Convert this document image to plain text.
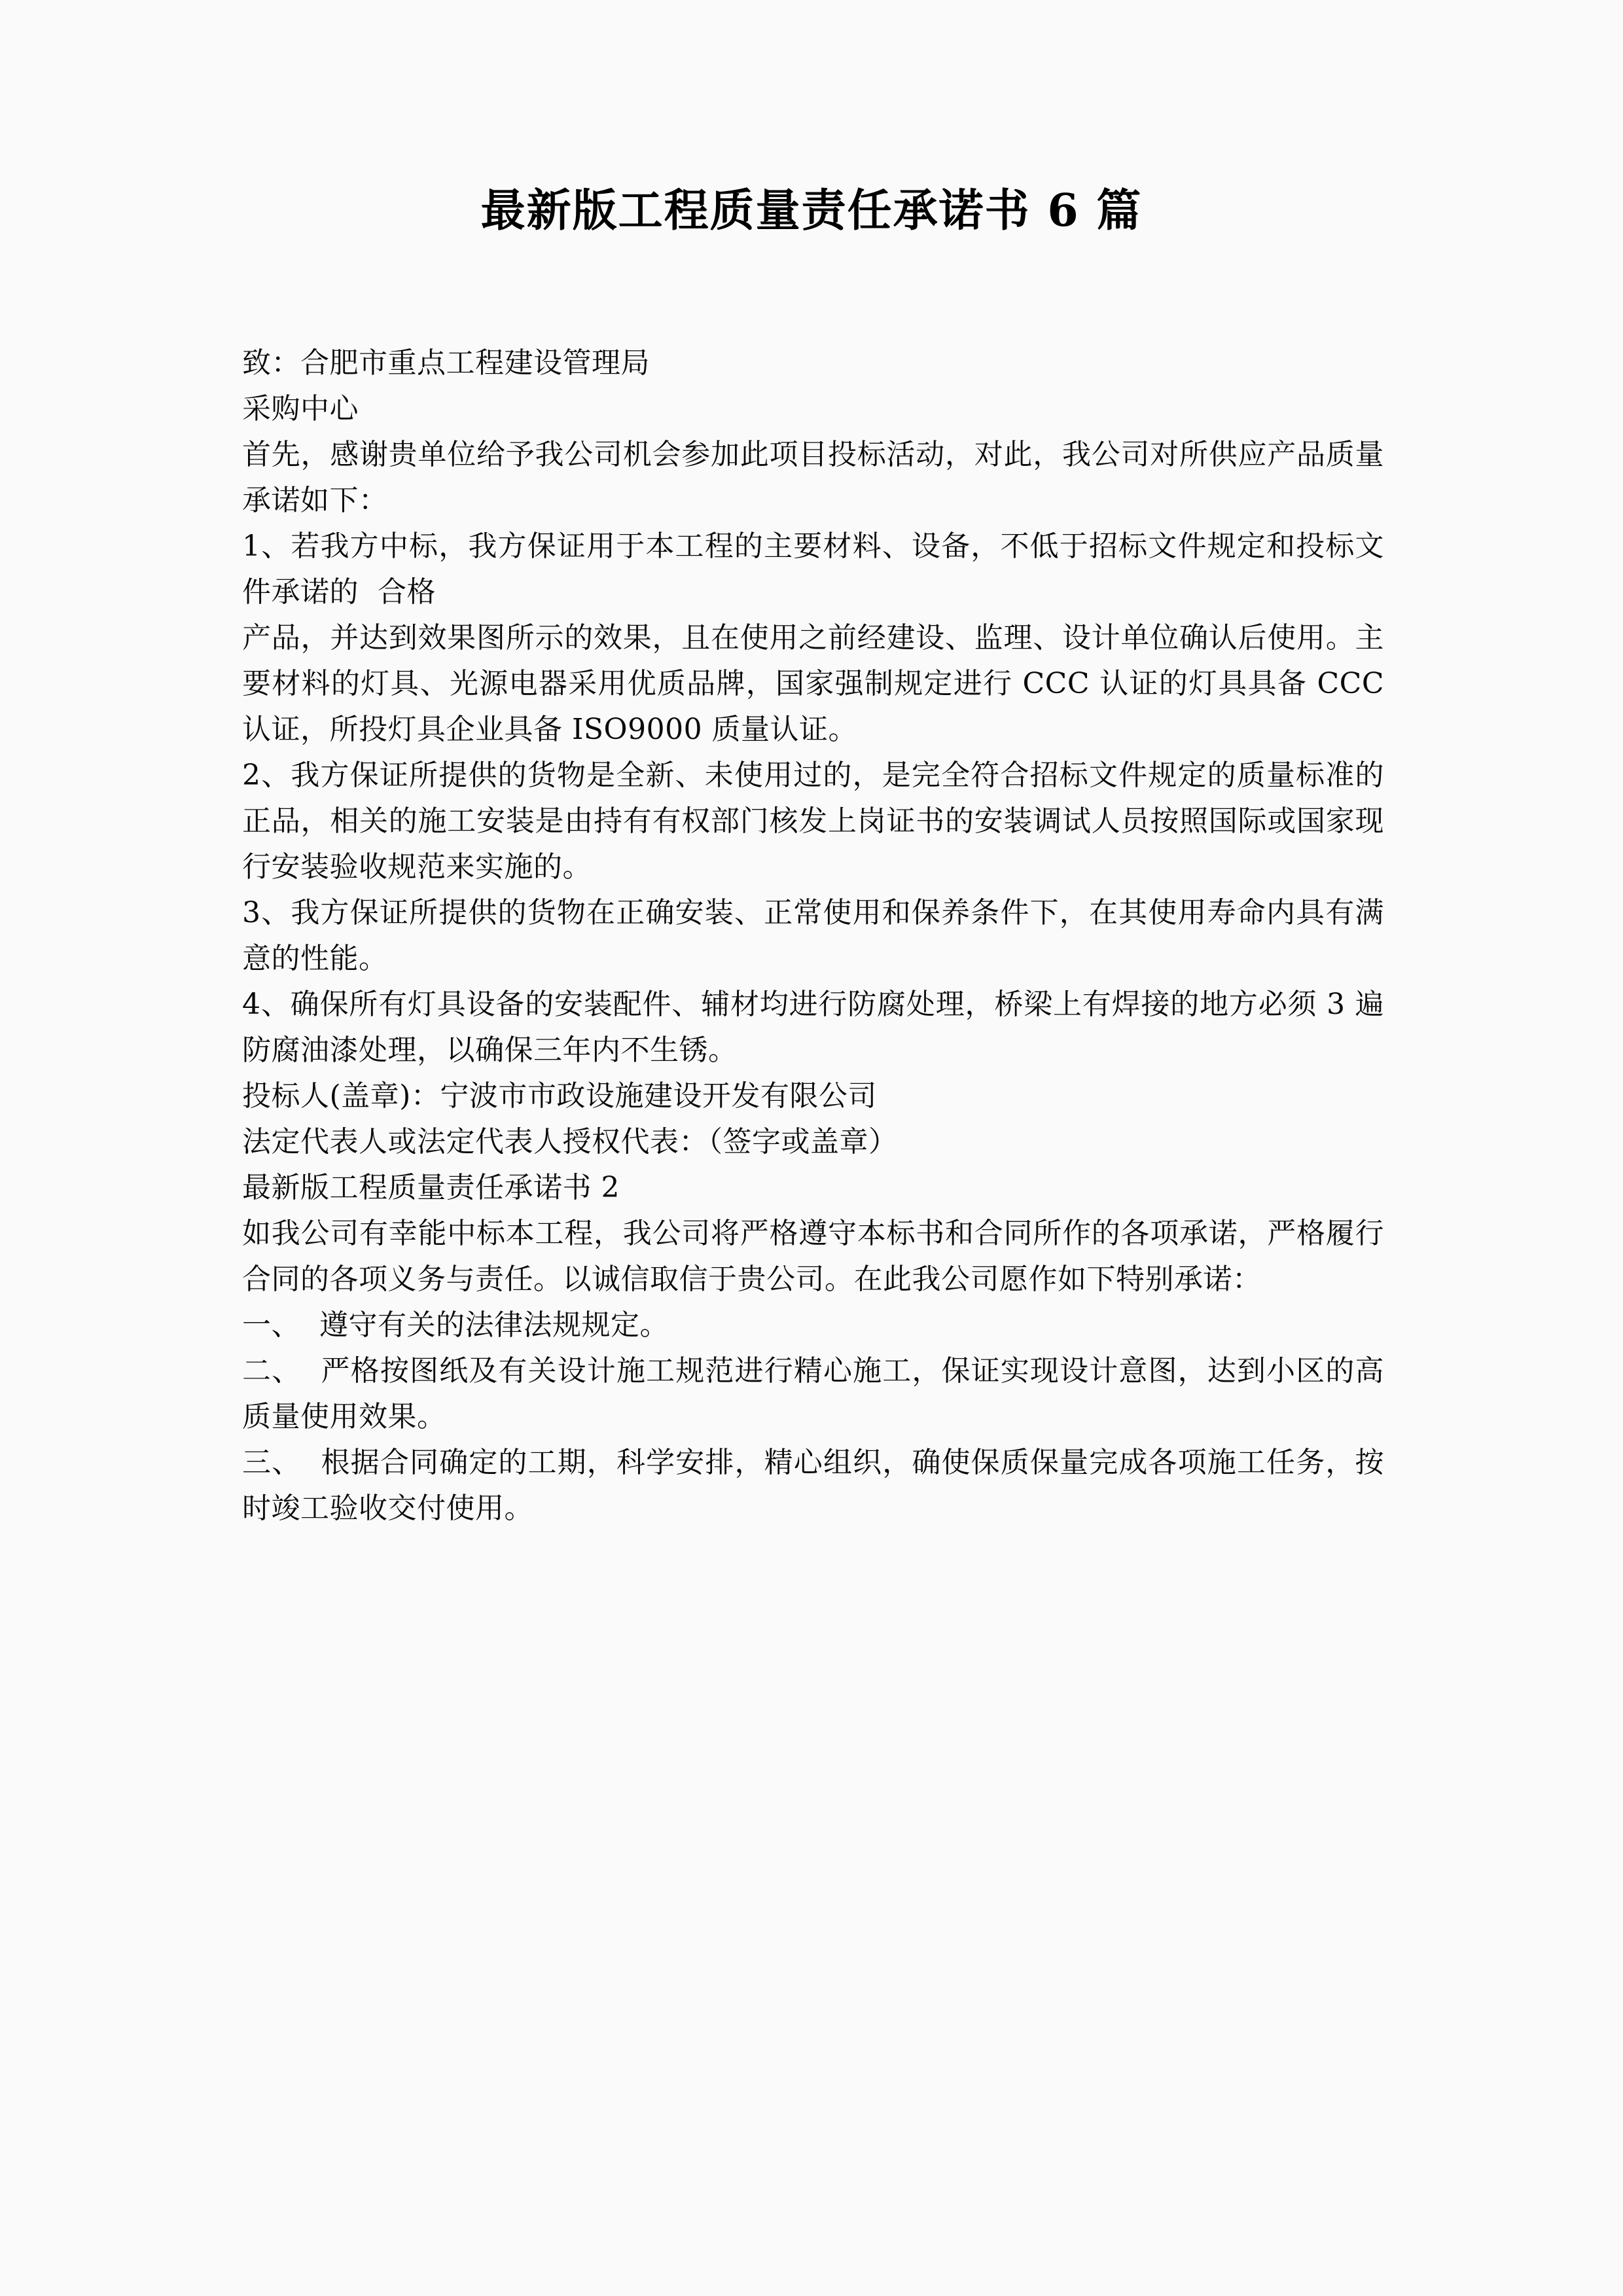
最新版工程质量责任承诺书 6 篇

致：合肥市重点工程建设管理局

采购中心

首先，感谢贵单位给予我公司机会参加此项目投标活动，对此，我公司对所供应产品质量承诺如下：

1、若我方中标，我方保证用于本工程的主要材料、设备，不低于招标文件规定和投标文件承诺的  合格

产品，并达到效果图所示的效果，且在使用之前经建设、监理、设计单位确认后使用。主要材料的灯具、光源电器采用优质品牌，国家强制规定进行 CCC 认证的灯具具备 CCC 认证，所投灯具企业具备 ISO9000 质量认证。

2、我方保证所提供的货物是全新、未使用过的，是完全符合招标文件规定的质量标准的正品，相关的施工安装是由持有有权部门核发上岗证书的安装调试人员按照国际或国家现行安装验收规范来实施的。

3、我方保证所提供的货物在正确安装、正常使用和保养条件下，在其使用寿命内具有满意的性能。

4、确保所有灯具设备的安装配件、辅材均进行防腐处理，桥梁上有焊接的地方必须 3 遍防腐油漆处理，以确保三年内不生锈。

投标人(盖章)：宁波市市政设施建设开发有限公司

法定代表人或法定代表人授权代表：（签字或盖章）

最新版工程质量责任承诺书 2

如我公司有幸能中标本工程，我公司将严格遵守本标书和合同所作的各项承诺，严格履行合同的各项义务与责任。以诚信取信于贵公司。在此我公司愿作如下特别承诺：

一、  遵守有关的法律法规规定。

二、  严格按图纸及有关设计施工规范进行精心施工，保证实现设计意图，达到小区的高质量使用效果。

三、  根据合同确定的工期，科学安排，精心组织，确使保质保量完成各项施工任务，按时竣工验收交付使用。
